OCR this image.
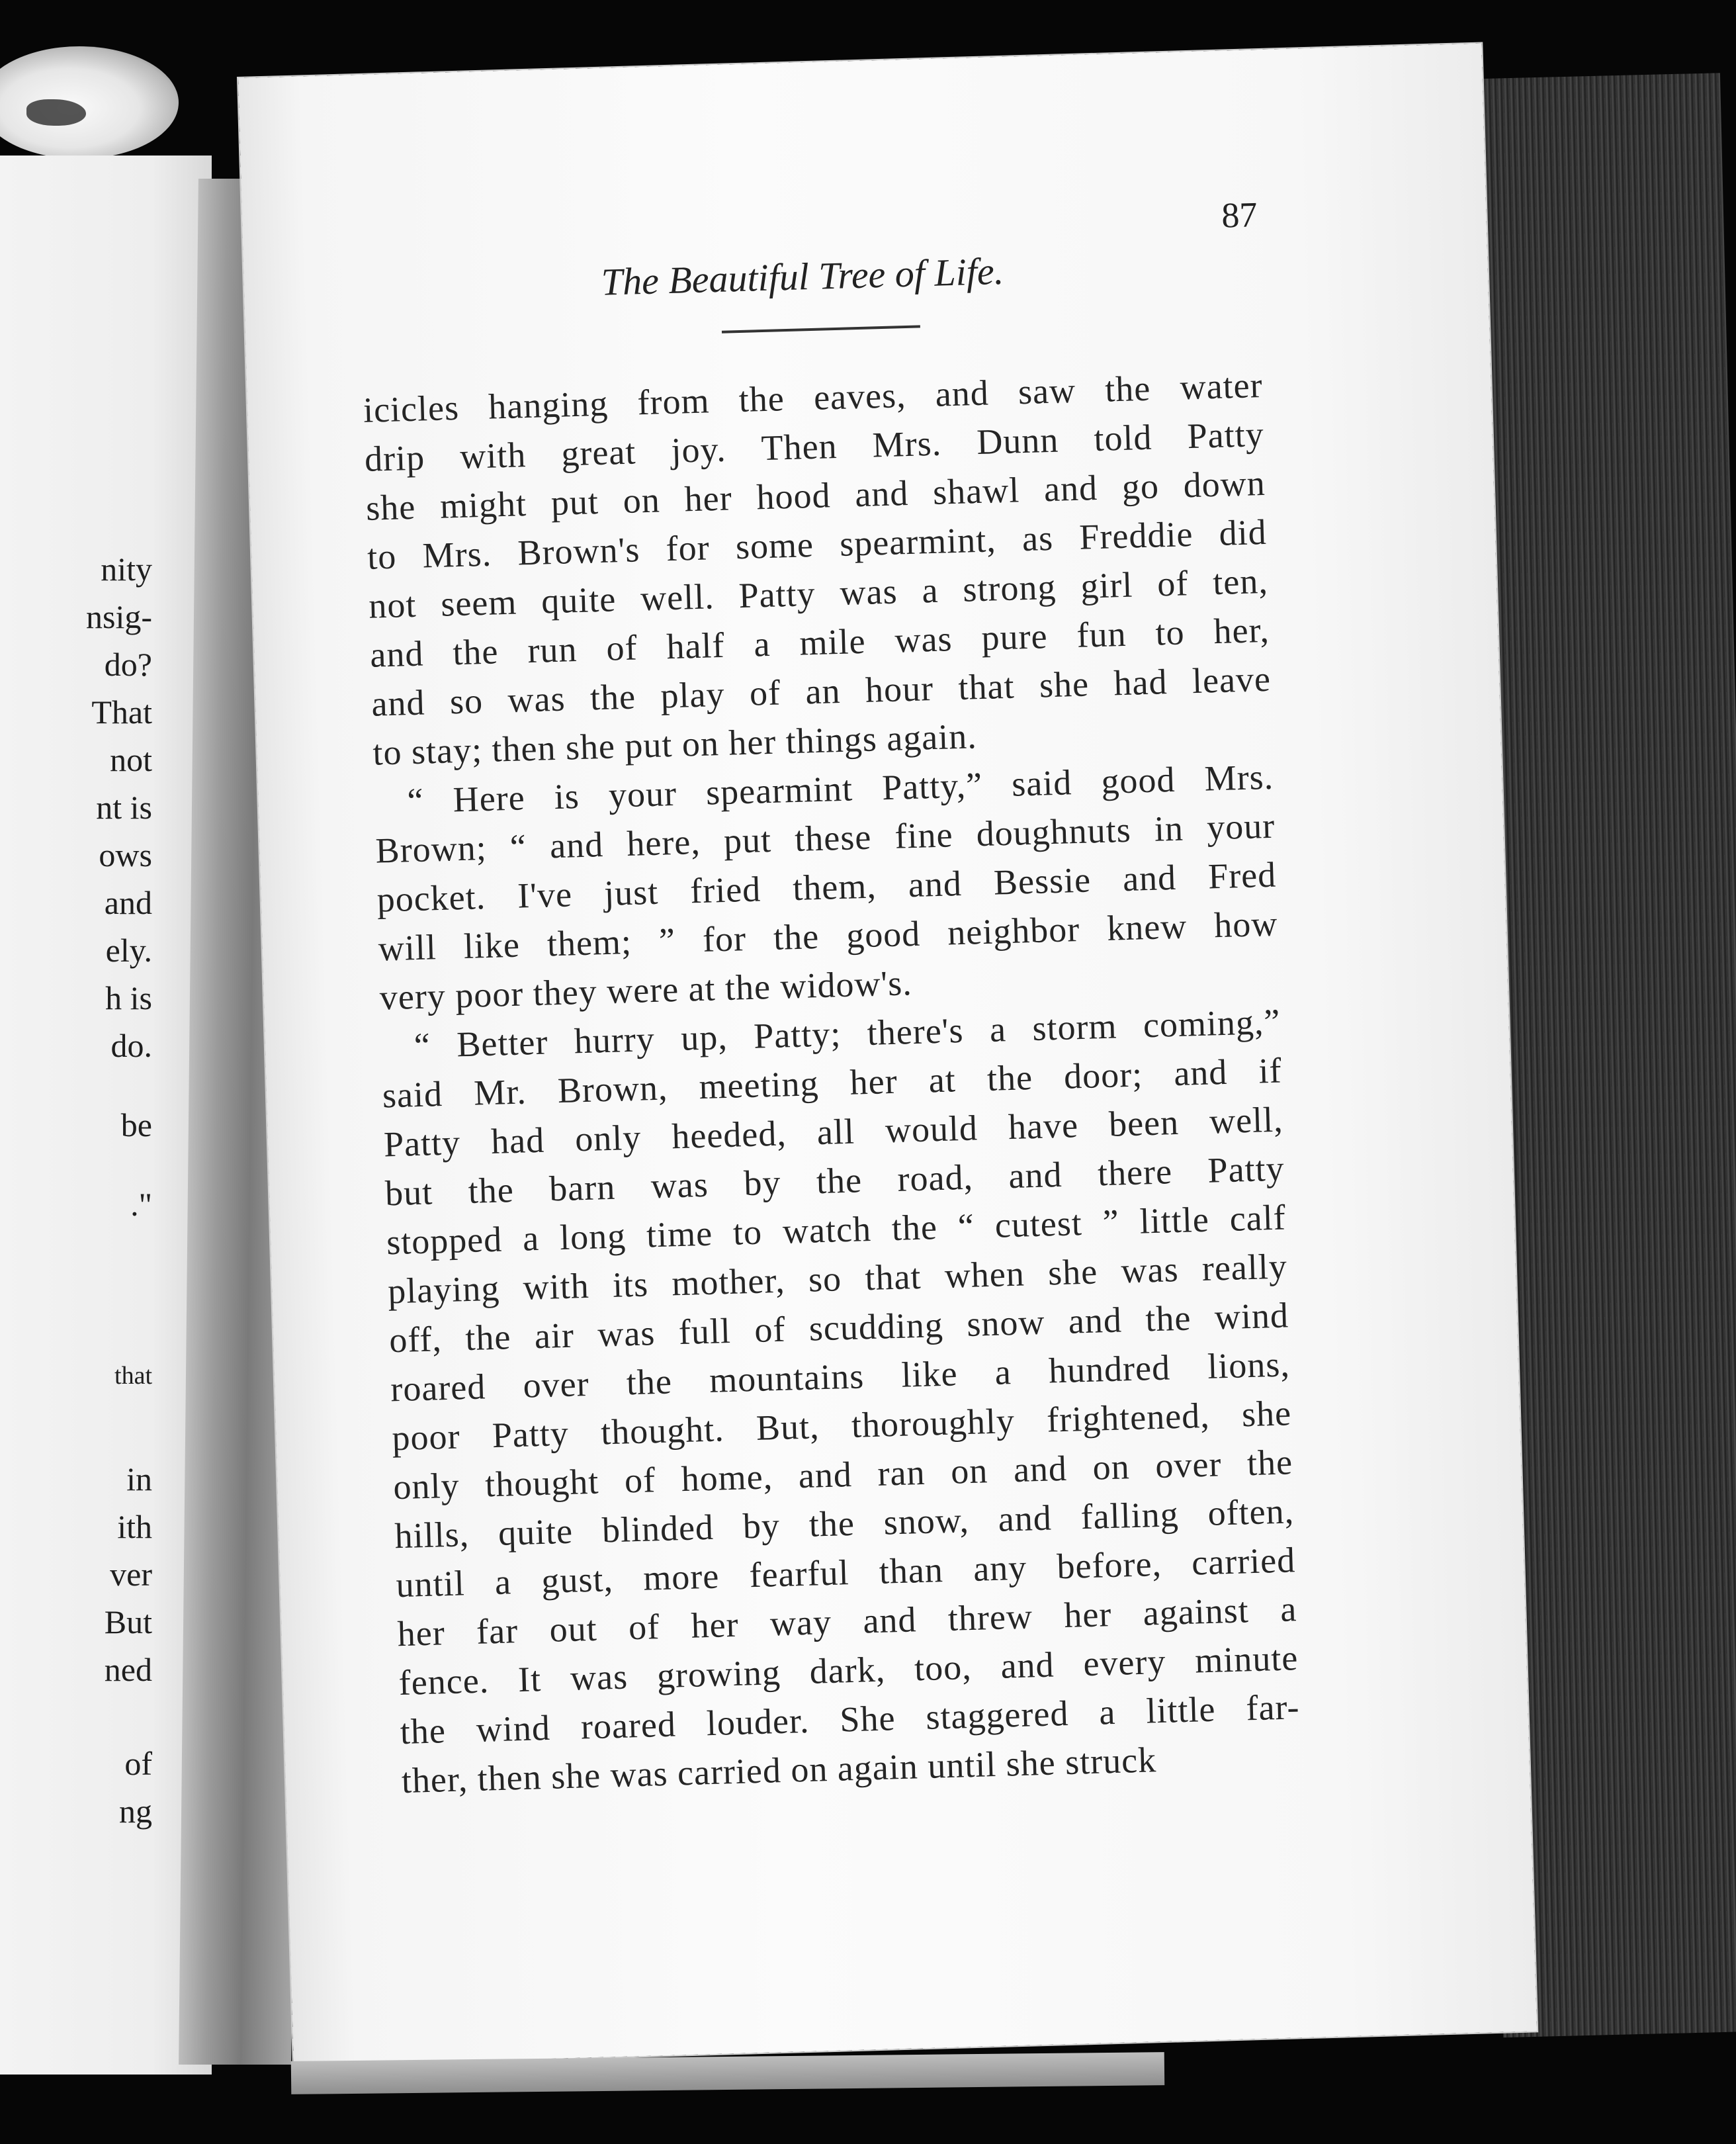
nity
nsig-
do?
That
not
nt is
ows
and
ely.
h is
do.
be
."
that
in
ith
ver
But
ned
of
ng
87
The Beautiful Tree of Life.
icicles hanging from the eaves, and saw the water
drip with great joy. Then Mrs. Dunn told Patty
she might put on her hood and shawl and go down
to Mrs. Brown's for some spearmint, as Freddie did
not seem quite well. Patty was a strong girl of ten,
and the run of half a mile was pure fun to her,
and so was the play of an hour that she had leave
to
stay;
then
she
put
on
her
things
again.
“ Here is your spearmint Patty,” said good Mrs.
Brown; “ and here, put these fine doughnuts in your
pocket. I've just fried them, and Bessie and Fred
will like them; ” for the good neighbor knew how
very
poor
they
were
at
the
widow's.
“ Better hurry up, Patty; there's a storm coming,”
said Mr. Brown, meeting her at the door; and if
Patty had only heeded, all would have been well,
but the barn was by the road, and there Patty
stopped a long time to watch the “ cutest ” little calf
playing with its mother, so that when she was really
off, the air was full of scudding snow and the wind
roared over the mountains like a hundred lions,
poor Patty thought. But, thoroughly frightened, she
only thought of home, and ran on and on over the
hills, quite blinded by the snow, and falling often,
until a gust, more fearful than any before, carried
her far out of her way and threw her against a
fence. It was growing dark, too, and every minute
the wind roared louder. She staggered a little far-
ther,
then
she
was
carried
on
again
until
she
struck
